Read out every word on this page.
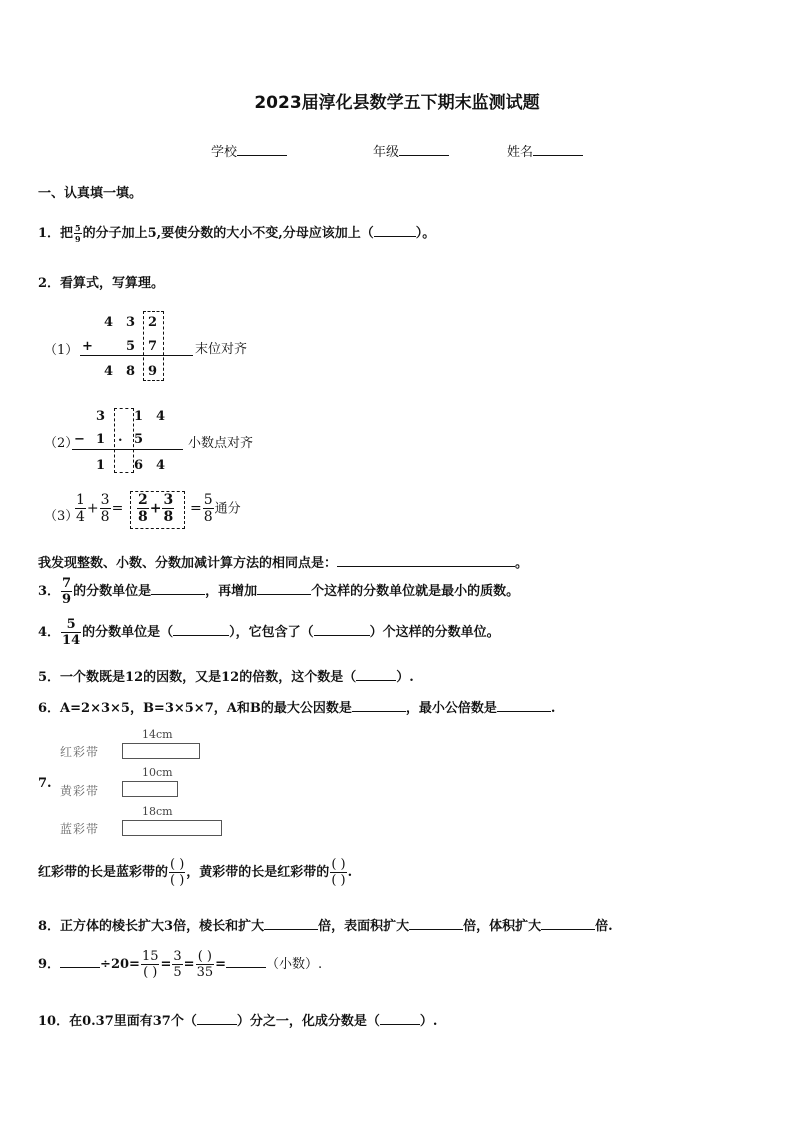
2023届淳化县数学五下期末监测试题
学校	年级	姓名
一、认真填一填。
1．把 $\frac{5}{9}$ 的分子加上5,要使分数的大小不变,分母应该加上（	）。
2．看算式，写算理。
（1）
4 3 2
+	5 7
4 8 9
末位对齐
（2）
3 1 4
− 1 . 5
1 6 4
小数点对齐
（3）
$\frac{1}{4} + \frac{3}{8} = \frac{2}{8} + \frac{3}{8} = \frac{5}{8}$ 通分
我发现整数、小数、分数加减计算方法的相同点是：	。
3． $\frac{7}{9}$ 的分数单位是	，再增加	个这样的分数单位就是最小的质数。
4． $\frac{5}{14}$ 的分数单位是（	），它包含了（	）个这样的分数单位。
5．一个数既是12的因数，又是12的倍数，这个数是（	）.
6．A=2×3×5，B=3×5×7，A和B的最大公因数是	，最小公倍数是	.
7.
红彩带
14cm
黄彩带
10cm
蓝彩带
18cm
红彩带的长是蓝彩带的 $\frac{( )}{( )}$ ，黄彩带的长是红彩带的 $\frac{( )}{( )}$ .
8．正方体的棱长扩大3倍，棱长和扩大	倍，表面积扩大	倍，体积扩大	倍.
9．	$\div 20= \frac{15}{( )} = \frac{3}{5} = \frac{( )}{35}$ =	（小数）.
10．在0.37里面有37个（	）分之一，化成分数是（	）.
